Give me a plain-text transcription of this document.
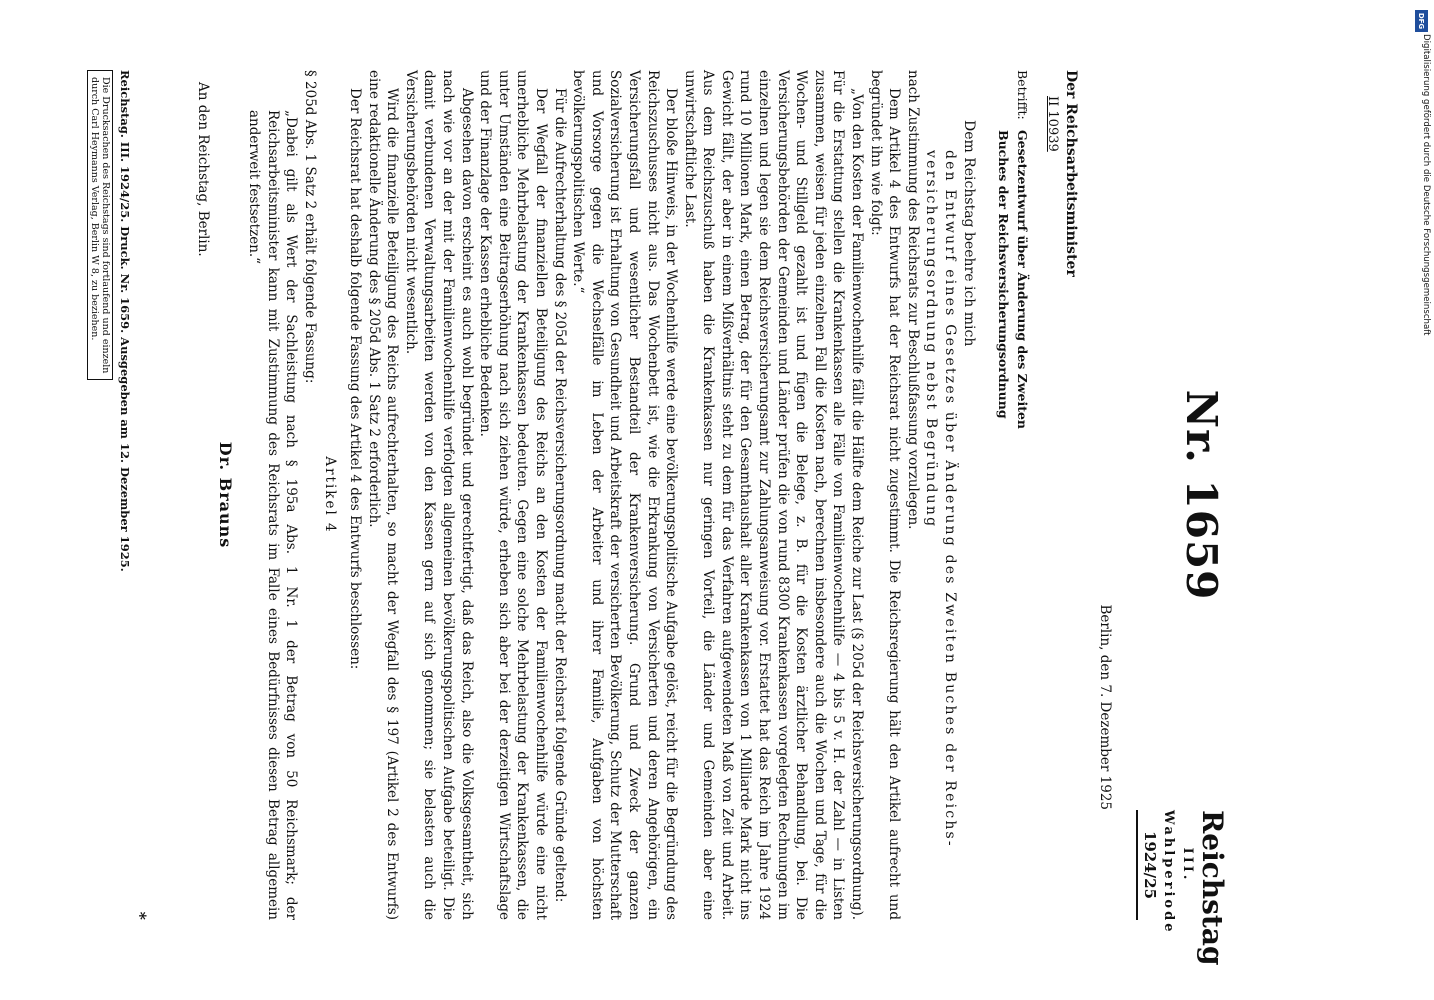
Nr. 1659
Reichstag
III. Wahlperiode
1924/25
Berlin, den 7. Dezember 1925
Der Reichsarbeitsminister
II 10939
Betrifft:
Gesetzentwurf über Änderung des Zweiten
Buches der Reichsversicherungsordnung
Dem Reichstag beehre ich mich
den Entwurf eines Gesetzes über Änderung des Zweiten Buches der Reichs-
versicherungsordnung nebst Begründung

nach Zustimmung des Reichsrats zur Beschlußfassung vorzulegen.

Dem Artikel 4 des Entwurfs hat der Reichsrat nicht zugestimmt. Die Reichsregierung hält den Artikel aufrecht und begründet ihn wie folgt:

„Von den Kosten der Familienwochenhilfe fällt die Hälfte dem Reiche zur Last (§ 205d der Reichsversicherungsordnung). Für die Erstattung stellen die Krankenkassen alle Fälle von Familienwochenhilfe — 4 bis 5 v. H. der Zahl — in Listen zusammen, weisen für jeden einzelnen Fall die Kosten nach, berechnen insbesondere auch die Wochen und Tage, für die Wochen- und Stillgeld gezahlt ist und fügen die Belege, z. B. für die Kosten ärztlicher Behandlung, bei. Die Versicherungsbehörden der Gemeinden und Länder prüfen die von rund 8300 Krankenkassen vorgelegten Rechnungen im einzelnen und legen sie dem Reichsversicherungsamt zur Zahlungsanweisung vor. Erstattet hat das Reich im Jahre 1924 rund 10 Millionen Mark, einen Betrag, der für den Gesamthaushalt aller Krankenkassen von 1 Milliarde Mark nicht ins Gewicht fällt, der aber in einem Mißverhältnis steht zu dem für das Verfahren aufgewendeten Maß von Zeit und Arbeit. Aus dem Reichszuschuß haben die Krankenkassen nur geringen Vorteil, die Länder und Gemeinden aber eine unwirtschaftliche Last.

Der bloße Hinweis, in der Wochenhilfe werde eine bevölkerungspolitische Aufgabe gelöst, reicht für die Begründung des Reichszuschusses nicht aus. Das Wochenbett ist, wie die Erkrankung von Versicherten und deren Angehörigen, ein Versicherungsfall und wesentlicher Bestandteil der Krankenversicherung. Grund und Zweck der ganzen Sozialversicherung ist Erhaltung von Gesundheit und Arbeitskraft der versicherten Bevölkerung, Schutz der Mutterschaft und Vorsorge gegen die Wechselfälle im Leben der Arbeiter und ihrer Familie, Aufgaben von höchsten bevölkerungspolitischen Werte.“

Für die Aufrechterhaltung des § 205d der Reichsversicherungsordnung macht der Reichsrat folgende Gründe geltend:

Der Wegfall der finanziellen Beteiligung des Reichs an den Kosten der Familienwochenhilfe würde eine nicht unerhebliche Mehrbelastung der Krankenkassen bedeuten. Gegen eine solche Mehrbelastung der Krankenkassen, die unter Umständen eine Beitragserhöhung nach sich ziehen würde, erheben sich aber bei der derzeitigen Wirtschaftslage und der Finanzlage der Kassen erhebliche Bedenken.

Abgesehen davon erscheint es auch wohl begründet und gerechtfertigt, daß das Reich, also die Volksgesamtheit, sich nach wie vor an der mit der Familienwochenhilfe verfolgten allgemeinen bevölkerungspolitischen Aufgabe beteiligt. Die damit verbundenen Verwaltungsarbeiten werden von den Kassen gern auf sich genommen; sie belasten auch die Versicherungsbehörden nicht wesentlich.

Wird die finanzielle Beteiligung des Reichs aufrechterhalten, so macht der Wegfall des § 197 (Artikel 2 des Entwurfs) eine redaktionelle Änderung des § 205d Abs. 1 Satz 2 erforderlich.

Der Reichsrat hat deshalb folgende Fassung des Artikel 4 des Entwurfs beschlossen:

Artikel 4
§ 205d Abs. 1 Satz 2 erhält folgende Fassung:
„Dabei gilt als Wert der Sachleistung nach § 195a Abs. 1 Nr. 1 der Betrag von 50 Reichsmark; der Reichsarbeitsminister kann mit Zustimmung des Reichsrats im Falle eines Bedürfnisses diesen Betrag allgemein anderweit festsetzen.“
Dr. Brauns
An den Reichstag, Berlin.
*
Reichstag. III. 1924/25. Druck. Nr. 1659. Ausgegeben am 12. Dezember 1925.
Die Drucksachen des Reichstags sind fortlaufend und einzeln
durch Carl Heymanns Verlag, Berlin W 8, zu beziehen.
DFG
Digitalisierung gefördert durch die Deutsche Forschungsgemeinschaft
